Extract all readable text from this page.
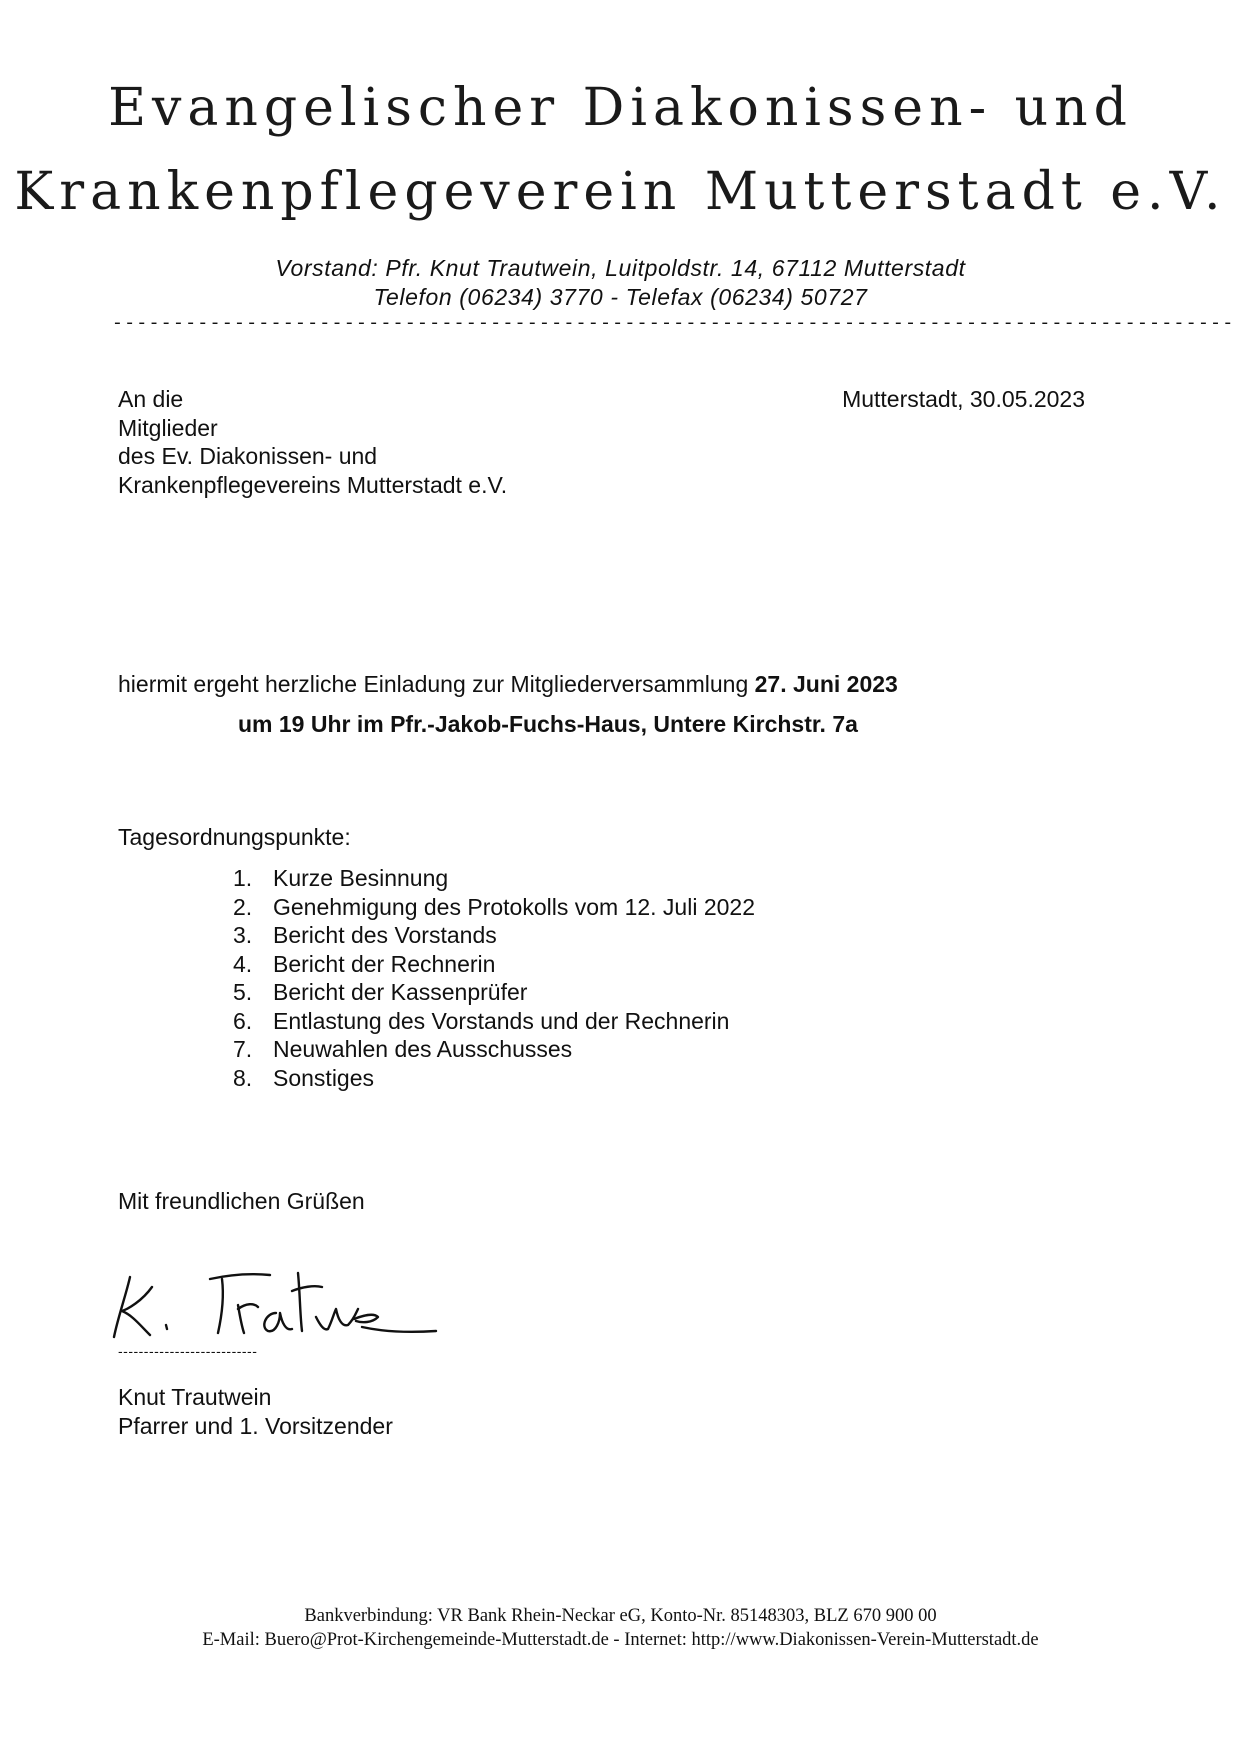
Evangelischer Diakonissen- und
Krankenpflegeverein Mutterstadt e.V.
Vorstand: Pfr. Knut Trautwein, Luitpoldstr. 14, 67112 Mutterstadt
Telefon (06234) 3770 - Telefax (06234) 50727
--------------------------------------------------------------------------------------------
An die
Mitglieder
des Ev. Diakonissen- und
Krankenpflegevereins Mutterstadt e.V.
Mutterstadt, 30.05.2023
hiermit ergeht herzliche Einladung zur Mitgliederversammlung 27. Juni 2023
um 19 Uhr im Pfr.-Jakob-Fuchs-Haus, Untere Kirchstr. 7a
Tagesordnungspunkte:
1. Kurze Besinnung
2. Genehmigung des Protokolls vom 12. Juli 2022
3. Bericht des Vorstands
4. Bericht der Rechnerin
5. Bericht der Kassenprüfer
6. Entlastung des Vorstands und der Rechnerin
7. Neuwahlen des Ausschusses
8. Sonstiges
Mit freundlichen Grüßen
---------------------------
Knut Trautwein
Pfarrer und 1. Vorsitzender
Bankverbindung: VR Bank Rhein-Neckar eG, Konto-Nr. 85148303, BLZ 670 900 00
E-Mail: Buero@Prot-Kirchengemeinde-Mutterstadt.de - Internet: http://www.Diakonissen-Verein-Mutterstadt.de
